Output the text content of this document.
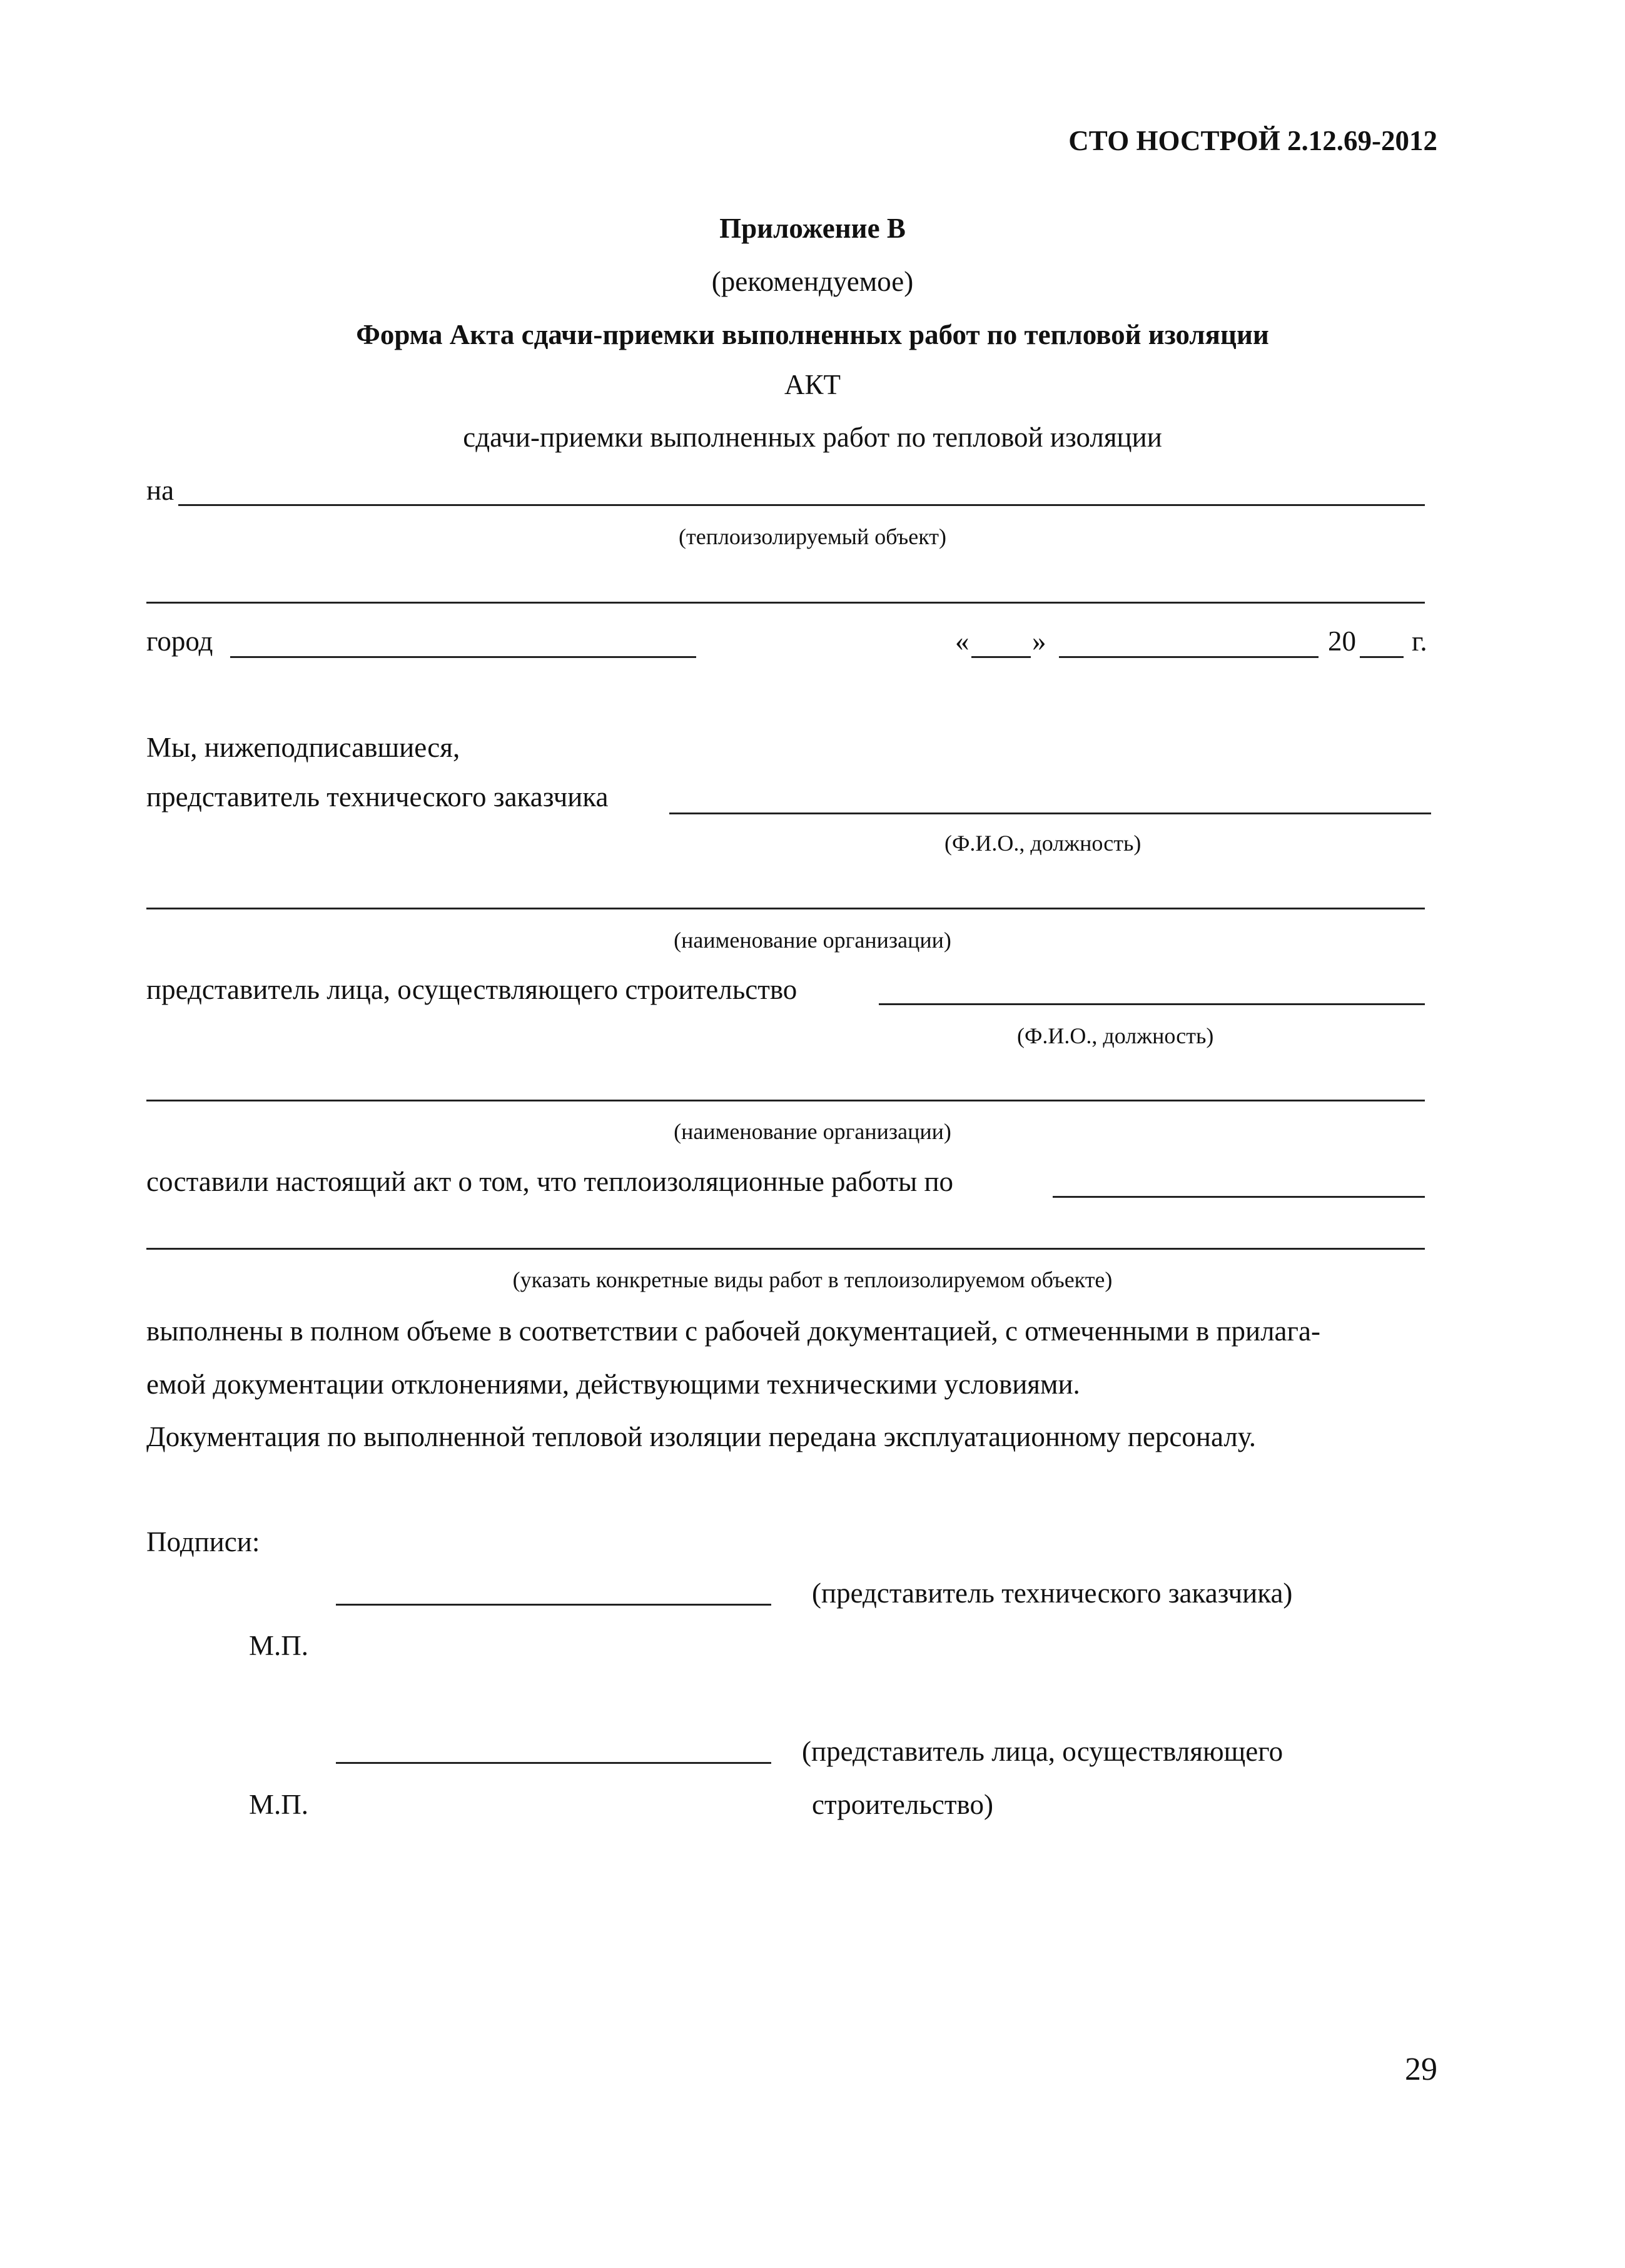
СТО НОСТРОЙ 2.12.69-2012
Приложение В
(рекомендуемое)
Форма Акта сдачи-приемки выполненных работ по тепловой изоляции
АКТ
сдачи-приемки выполненных работ по тепловой изоляции
на
(теплоизолируемый объект)
город	« »	20 г.
Мы, нижеподписавшиеся,
представитель технического заказчика
(Ф.И.О., должность)
(наименование организации)
представитель лица, осуществляющего строительство
(Ф.И.О., должность)
(наименование организации)
составили настоящий акт о том, что теплоизоляционные работы по
(указать конкретные виды работ в теплоизолируемом объекте)
выполнены в полном объеме в соответствии с рабочей документацией, с отмеченными в прилага-
емой документации отклонениями, действующими техническими условиями.
Документация по выполненной тепловой изоляции передана эксплуатационному персоналу.
Подписи:
(представитель технического заказчика)
М.П.
(представитель лица, осуществляющего
строительство)
М.П.
29
